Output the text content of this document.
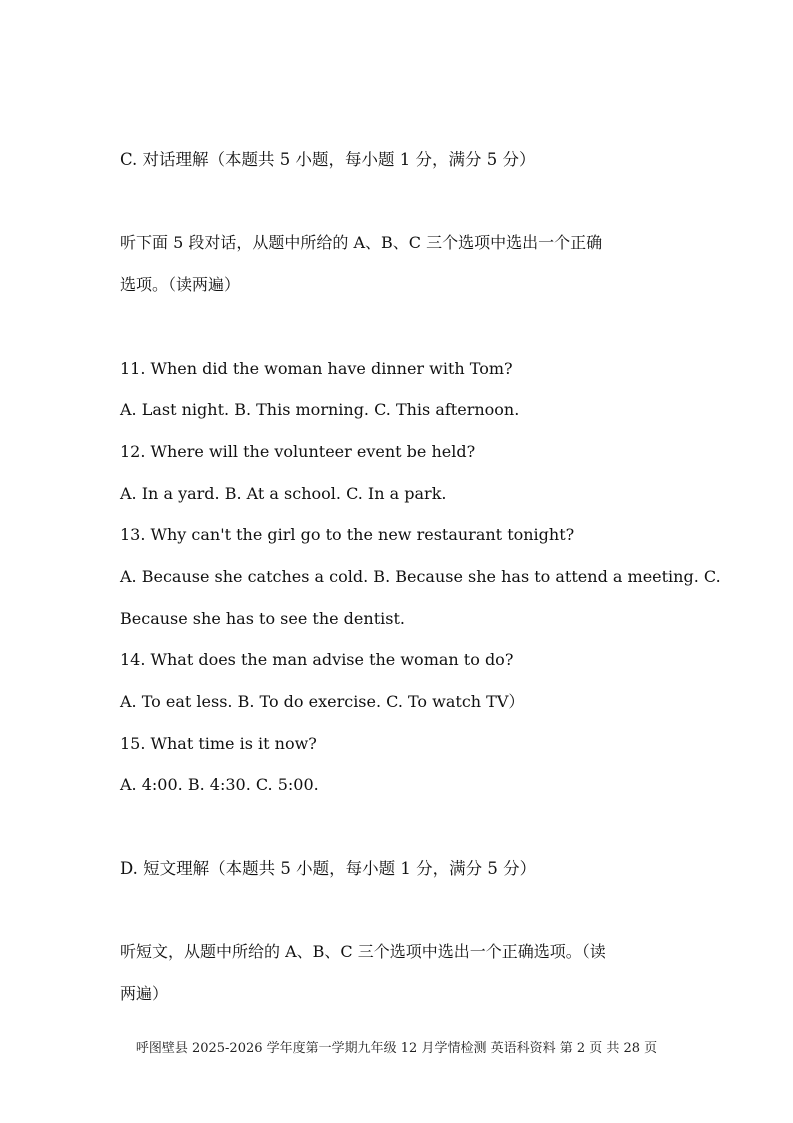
C. 对话理解（本题共 5 小题，每小题 1 分，满分 5 分）
听下面 5 段对话，从题中所给的 A、B、C 三个选项中选出一个正确
选项。（读两遍）
11. When did the woman have dinner with Tom?
A. Last night. B. This morning. C. This afternoon.
12. Where will the volunteer event be held?
A. In a yard. B. At a school. C. In a park.
13. Why can't the girl go to the new restaurant tonight?
A. Because she catches a cold. B. Because she has to attend a meeting. C.
Because she has to see the dentist.
14. What does the man advise the woman to do?
A. To eat less. B. To do exercise. C. To watch TV）
15. What time is it now?
A. 4:00. B. 4:30. C. 5:00.
D. 短文理解（本题共 5 小题，每小题 1 分，满分 5 分）
听短文，从题中所给的 A、B、C 三个选项中选出一个正确选项。（读
两遍）
呼图壁县 2025-2026 学年度第一学期九年级 12 月学情检测 英语科资料 第 2 页 共 28 页
